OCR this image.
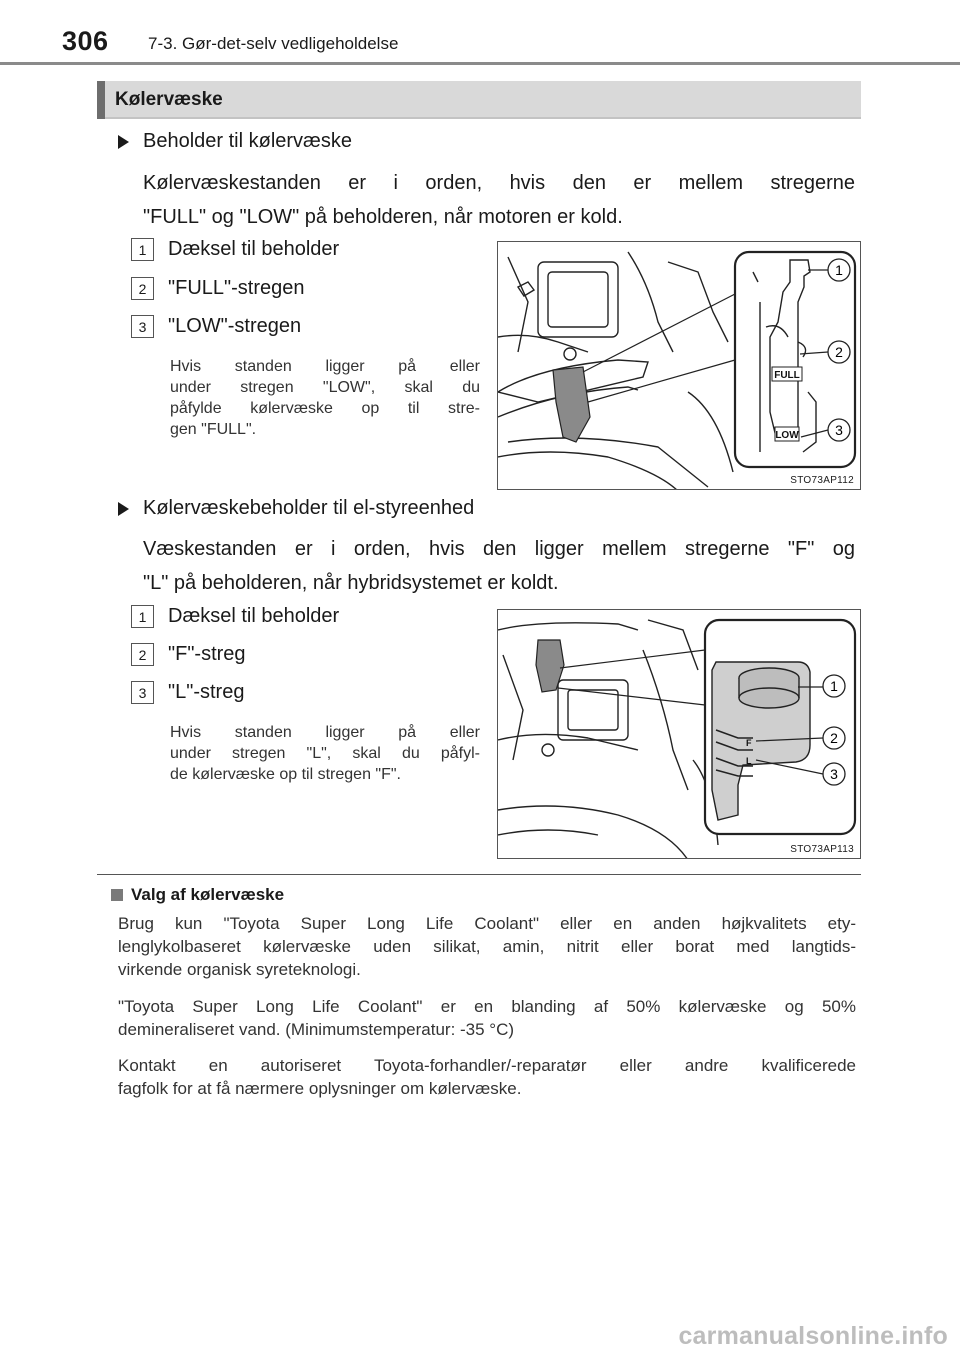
306 7-3. Gør-det-selv vedligeholdelse
Kølervæske
Beholder til kølervæske
Kølervæskestanden er i orden, hvis den er mellem stregerne
"FULL" og "LOW" på beholderen, når motoren er kold.
1	Dæksel til beholder
2	"FULL"-stregen
3	"LOW"-stregen
Hvis standen ligger på eller
under stregen "LOW", skal du
påfylde kølervæske op til stre-
gen "FULL".
FULL
LOW
1
2
3
STO73AP112
Kølervæskebeholder til el-styreenhed
Væskestanden er i orden, hvis den ligger mellem stregerne "F" og
"L" på beholderen, når hybridsystemet er koldt.
1	Dæksel til beholder
2	"F"-streg
3	"L"-streg
Hvis standen ligger på eller
under stregen "L", skal du påfyl-
de kølervæske op til stregen "F".
F
L
1
2
3
STO73AP113
Valg af kølervæske
Brug kun "Toyota Super Long Life Coolant" eller en anden højkvalitets ety-
lenglykolbaseret kølervæske uden silikat, amin, nitrit eller borat med langtids-
virkende organisk syreteknologi.
"Toyota Super Long Life Coolant" er en blanding af 50% kølervæske og 50%
demineraliseret vand. (Minimumstemperatur: -35 °C)
Kontakt en autoriseret Toyota-forhandler/-reparatør eller andre kvalificerede
fagfolk for at få nærmere oplysninger om kølervæske.
carmanualsonline.info
